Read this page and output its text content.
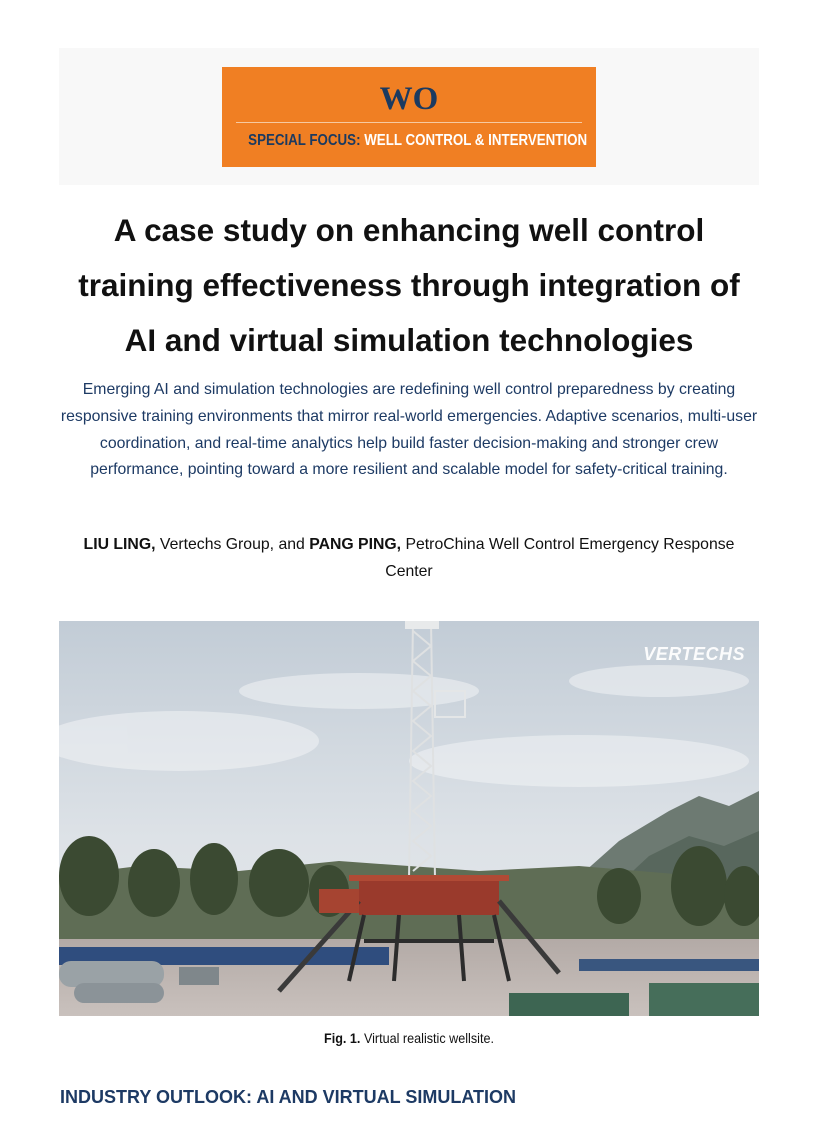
WO
SPECIAL FOCUS: WELL CONTROL & INTERVENTION
A case study on enhancing well control
training effectiveness through integration of
AI and virtual simulation technologies

Emerging AI and simulation technologies are redefining well control preparedness by creating responsive training environments that mirror real-world emergencies. Adaptive scenarios, multi-user coordination, and real-time analytics help build faster decision-making and stronger crew performance, pointing toward a more resilient and scalable model for safety-critical training.

LIU LING, Vertechs Group, and PANG PING, PetroChina Well Control Emergency Response Center

VERTECHS
Fig. 1. Virtual realistic wellsite.
INDUSTRY OUTLOOK: AI AND VIRTUAL SIMULATION
